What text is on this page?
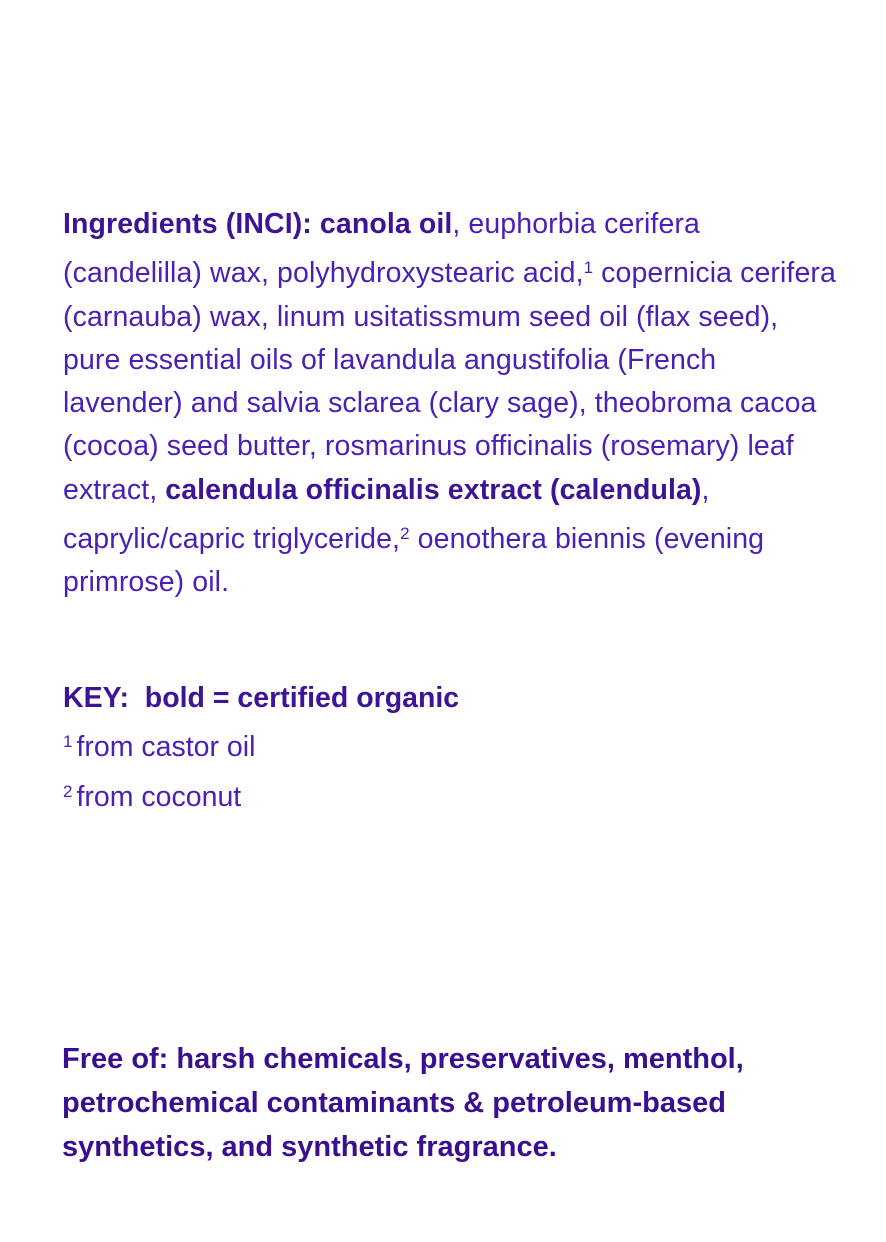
Ingredients (INCI): canola oil, euphorbia cerifera (candelilla) wax, polyhydroxystearic acid,$^1$ copernicia cerifera (carnauba) wax, linum usitatissmum seed oil (flax seed), pure essential oils of lavandula angustifolia (French lavender) and salvia sclarea (clary sage), theobroma cacoa (cocoa) seed butter, rosmarinus officinalis (rosemary) leaf extract, calendula officinalis extract (calendula), caprylic/capric triglyceride,$^2$ oenothera biennis (evening primrose) oil.

KEY:  bold = certified organic
$^1$ from castor oil
$^2$ from coconut

Free of: harsh chemicals, preservatives, menthol, petrochemical contaminants & petroleum-based synthetics, and synthetic fragrance.
